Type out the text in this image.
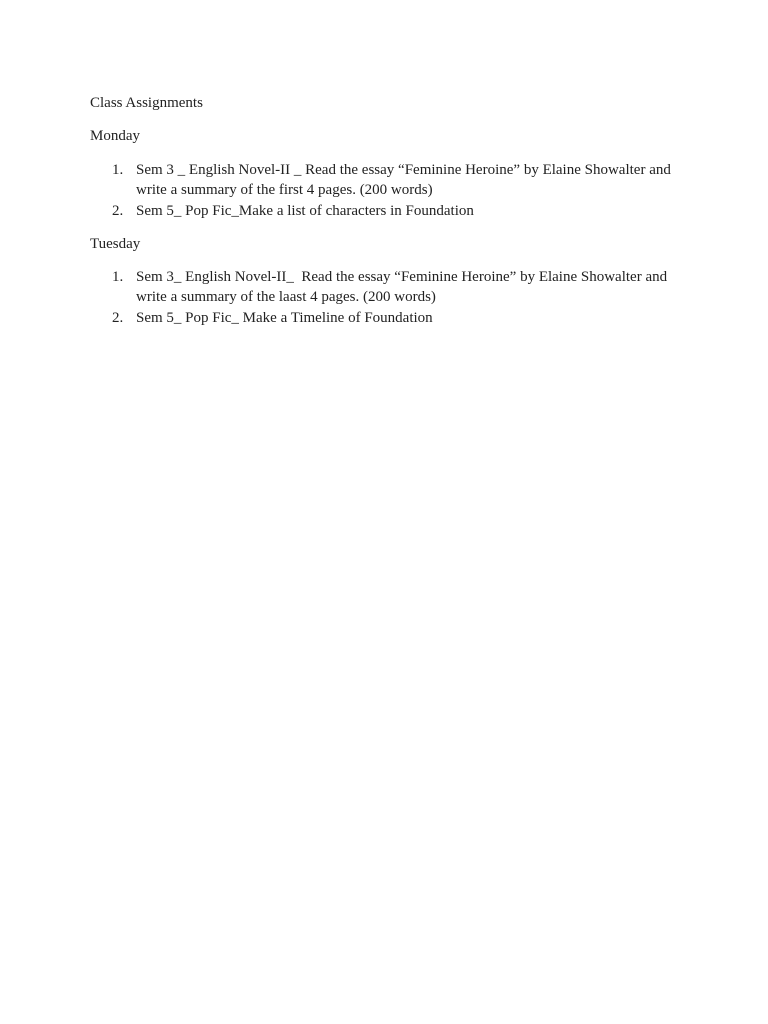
Class Assignments
Monday
1. Sem 3 _ English Novel-II _ Read the essay “Feminine Heroine” by Elaine Showalter and
write a summary of the first 4 pages. (200 words)
2. Sem 5_ Pop Fic_Make a list of characters in Foundation
Tuesday
1. Sem 3_ English Novel-II_  Read the essay “Feminine Heroine” by Elaine Showalter and
write a summary of the laast 4 pages. (200 words)
2. Sem 5_ Pop Fic_ Make a Timeline of Foundation
